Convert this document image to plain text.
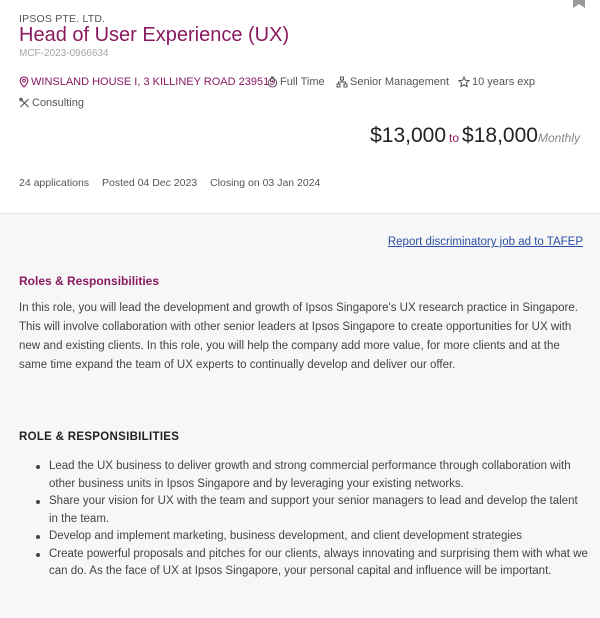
IPSOS PTE. LTD.
Head of User Experience (UX)
MCF-2023-0966634
WINSLAND HOUSE I, 3 KILLINEY ROAD 239519 Full Time Senior Management 10 years exp
Consulting
$13,000 to $18,000 Monthly
24 applications Posted 04 Dec 2023 Closing on 03 Jan 2024
Report discriminatory job ad to TAFEP
Roles & Responsibilities

In this role, you will lead the development and growth of Ipsos Singapore's UX research practice in Singapore. This will involve collaboration with other senior leaders at Ipsos Singapore to create opportunities for UX with new and existing clients. In this role, you will help the company add more value, for more clients and at the same time expand the team of UX experts to continually develop and deliver our offer.

ROLE & RESPONSIBILITIES
Lead the UX business to deliver growth and strong commercial performance through collaboration with other business units in Ipsos Singapore and by leveraging your existing networks.
Share your vision for UX with the team and support your senior managers to lead and develop the talent in the team.
Develop and implement marketing, business development, and client development strategies
Create powerful proposals and pitches for our clients, always innovating and surprising them with what we can do. As the face of UX at Ipsos Singapore, your personal capital and influence will be important.
